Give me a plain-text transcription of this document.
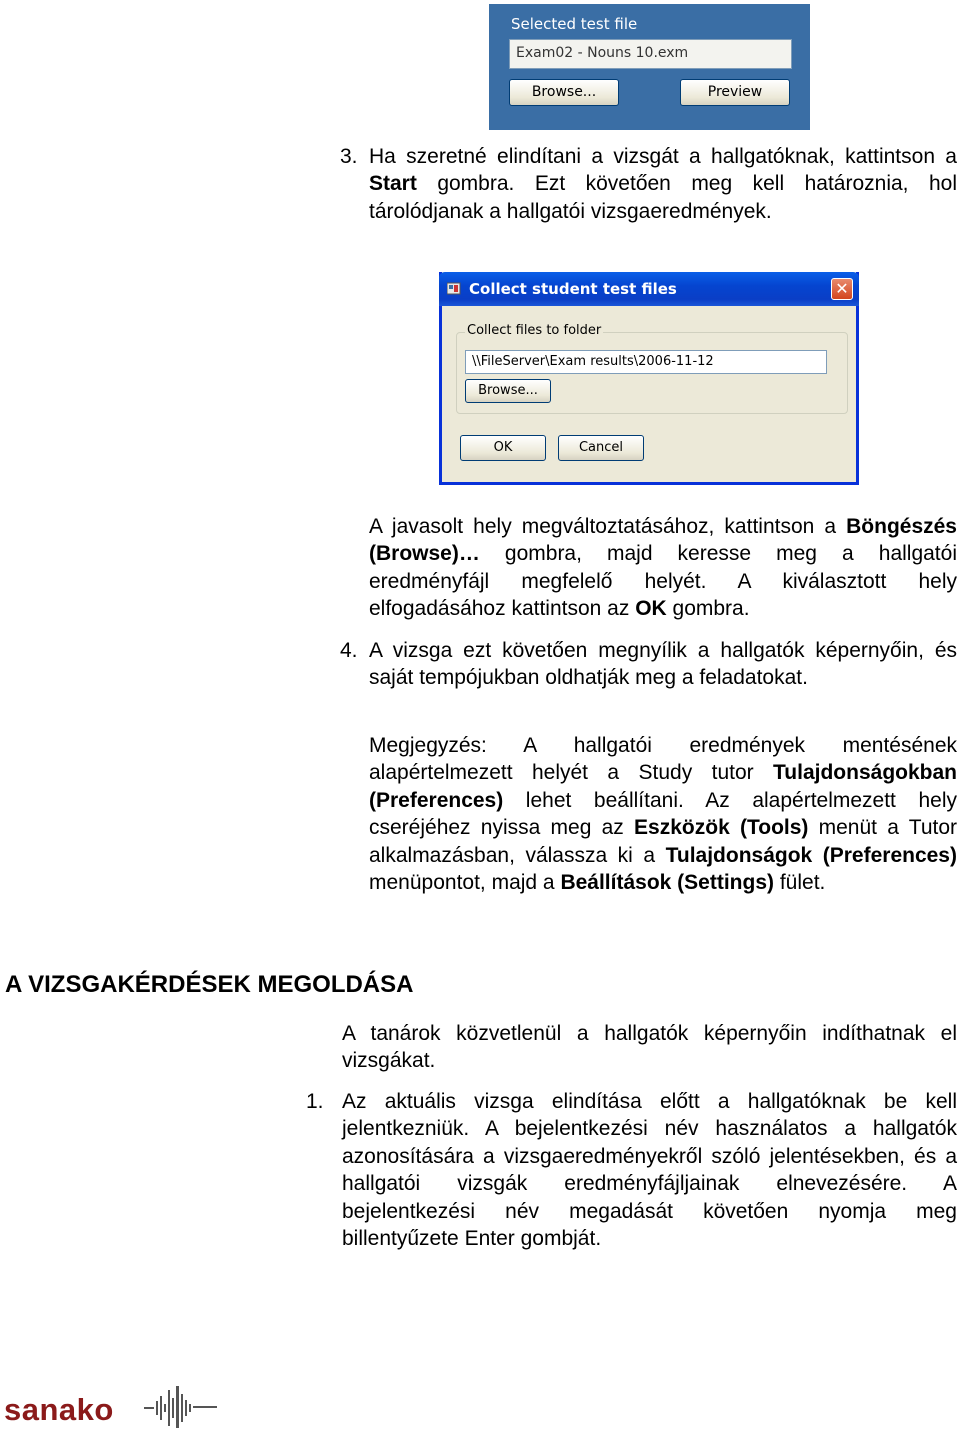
Selected test file
Exam02 - Nouns 10.exm
Browse...	Preview
3. Ha szeretné elindítani a vizsgát a hallgatóknak, kattintson a Start gombra. Ezt követően meg kell határoznia, hol tárolódjanak a hallgatói vizsgaeredmények.
Collect student test files	✕
Collect files to folder
\\FileServer\Exam results\2006-11-12
Browse...
OK	Cancel
A javasolt hely megváltoztatásához, kattintson a Böngészés (Browse)… gombra, majd keresse meg a hallgatói eredményfájl megfelelő helyét. A kiválasztott hely elfogadásához kattintson az OK gombra.
4. A vizsga ezt követően megnyílik a hallgatók képernyőin, és saját tempójukban oldhatják meg a feladatokat.
Megjegyzés: A hallgatói eredmények mentésének alapértelmezett helyét a Study tutor Tulajdonságokban (Preferences) lehet beállítani. Az alapértelmezett hely cseréjéhez nyissa meg az Eszközök (Tools) menüt a Tutor alkalmazásban, válassza ki a Tulajdonságok (Preferences) menüpontot, majd a Beállítások (Settings) fület.
A VIZSGAKÉRDÉSEK MEGOLDÁSA
A tanárok közvetlenül a hallgatók képernyőin indíthatnak el vizsgákat.
1. Az aktuális vizsga elindítása előtt a hallgatóknak be kell jelentkezniük. A bejelentkezési név használatos a hallgatók azonosítására a vizsgaeredményekről szóló jelentésekben, és a hallgatói vizsgák eredményfájljainak elnevezésére. A bejelentkezési név megadását követően nyomja meg billentyűzete Enter gombját.
sanako
